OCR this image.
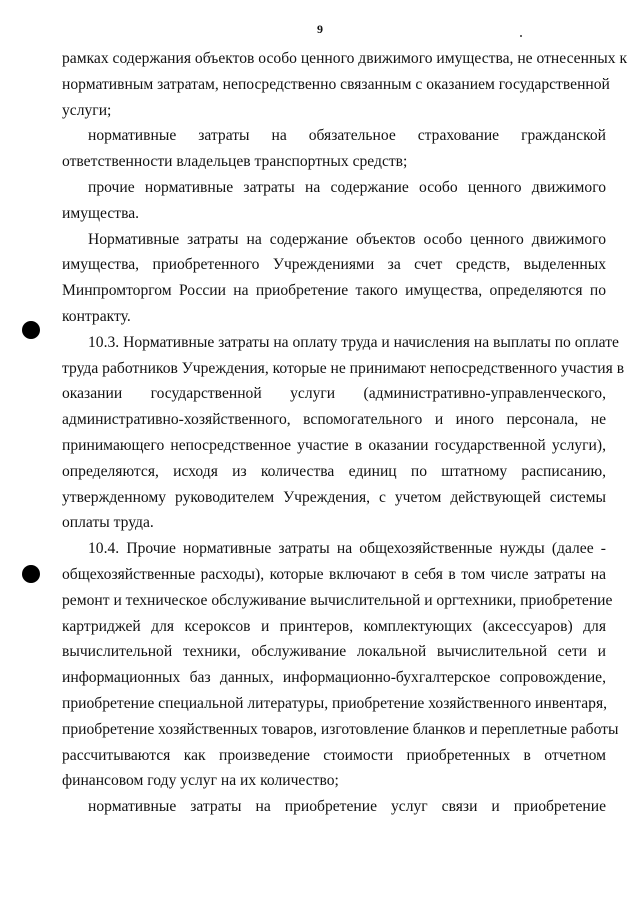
9
рамках содержания объектов особо ценного движимого имущества, не отнесенных к
нормативным затратам, непосредственно связанным с оказанием государственной
услуги;
нормативные затраты на обязательное страхование гражданской
ответственности владельцев транспортных средств;
прочие нормативные затраты на содержание особо ценного движимого
имущества.
Нормативные затраты на содержание объектов особо ценного движимого
имущества, приобретенного Учреждениями за счет средств, выделенных
Минпромторгом России на приобретение такого имущества, определяются по
контракту.
10.3. Нормативные затраты на оплату труда и начисления на выплаты по оплате
труда работников Учреждения, которые не принимают непосредственного участия в
оказании государственной услуги (административно-управленческого,
административно-хозяйственного, вспомогательного и иного персонала, не
принимающего непосредственное участие в оказании государственной услуги),
определяются, исходя из количества единиц по штатному расписанию,
утвержденному руководителем Учреждения, с учетом действующей системы
оплаты труда.
10.4. Прочие нормативные затраты на общехозяйственные нужды (далее -
общехозяйственные расходы), которые включают в себя в том числе затраты на
ремонт и техническое обслуживание вычислительной и оргтехники, приобретение
картриджей для ксероксов и принтеров, комплектующих (аксессуаров) для
вычислительной техники, обслуживание локальной вычислительной сети и
информационных баз данных, информационно-бухгалтерское сопровождение,
приобретение специальной литературы, приобретение хозяйственного инвентаря,
приобретение хозяйственных товаров, изготовление бланков и переплетные работы
рассчитываются как произведение стоимости приобретенных в отчетном
финансовом году услуг на их количество;
нормативные затраты на приобретение услуг связи и приобретение
